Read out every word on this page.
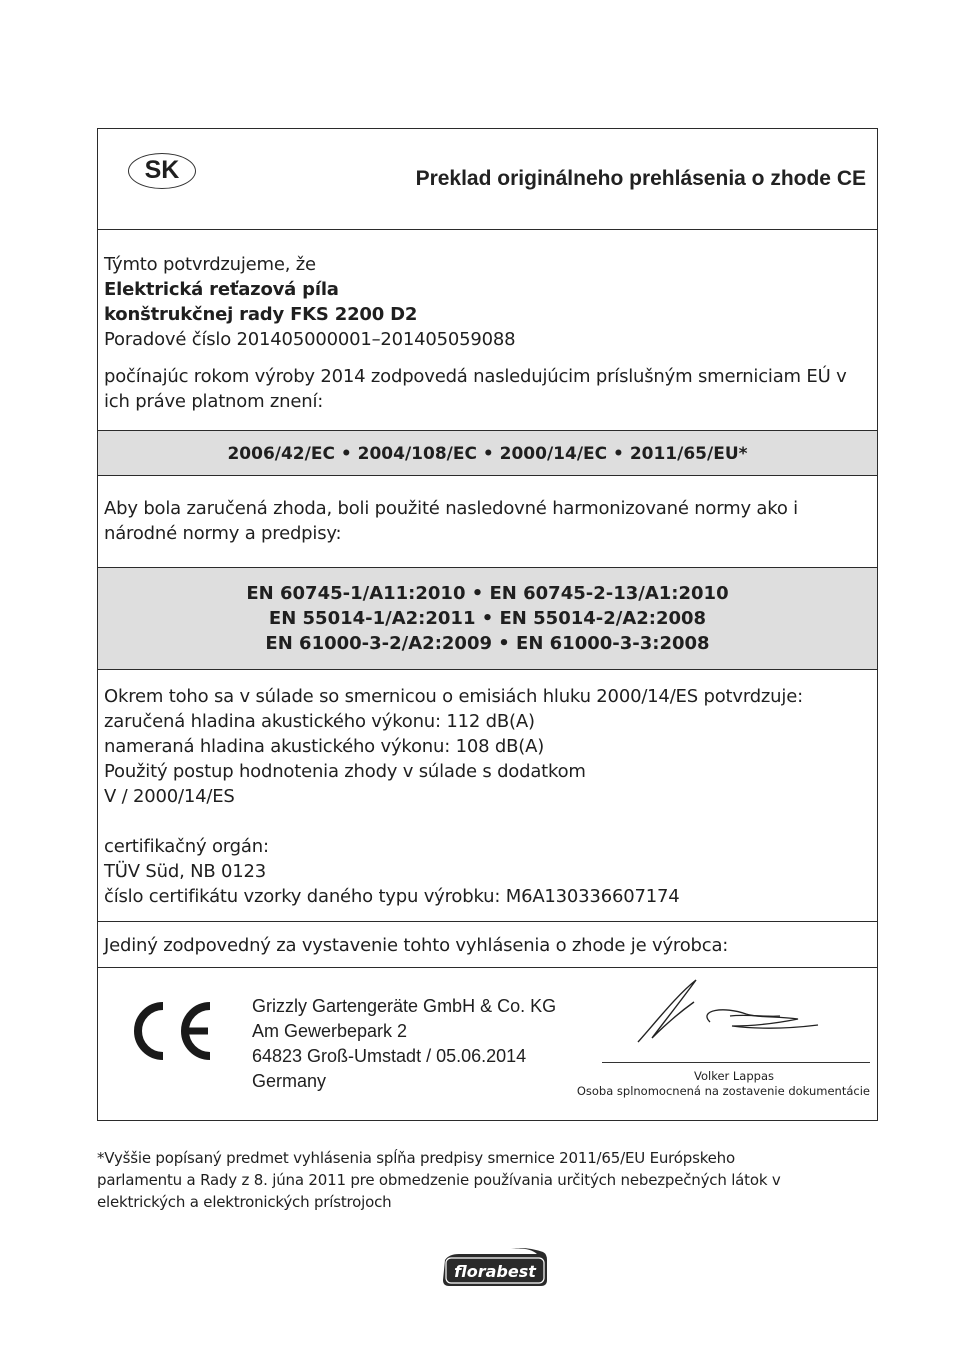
SK	Preklad originálneho prehlásenia o zhode CE
Týmto potvrdzujeme, že
Elektrická reťazová píla
konštrukčnej rady FKS 2200 D2
Poradové číslo 201405000001–201405059088
počínajúc rokom výroby 2014 zodpovedá nasledujúcim príslušným smerniciam EÚ v
ich práve platnom znení:
2006/42/EC • 2004/108/EC • 2000/14/EC • 2011/65/EU*
Aby bola zaručená zhoda, boli použité nasledovné harmonizované normy ako i
národné normy a predpisy:
EN 60745-1/A11:2010 • EN 60745-2-13/A1:2010
EN 55014-1/A2:2011 • EN 55014-2/A2:2008
EN 61000-3-2/A2:2009 • EN 61000-3-3:2008
Okrem toho sa v súlade so smernicou o emisiách hluku 2000/14/ES potvrdzuje:
zaručená hladina akustického výkonu: 112 dB(A)
nameraná hladina akustického výkonu: 108 dB(A)
Použitý postup hodnotenia zhody v súlade s dodatkom
V / 2000/14/ES
certifikačný orgán:
TÜV Süd, NB 0123
číslo certifikátu vzorky daného typu výrobku: M6A130336607174
Jediný zodpovedný za vystavenie tohto vyhlásenia o zhode je výrobca:
Grizzly Gartengeräte GmbH & Co. KG
Am Gewerbepark 2
64823 Groß-Umstadt / 05.06.2014
Germany	Volker Lappas
Osoba splnomocnená na zostavenie dokumentácie
*Vyššie popísaný predmet vyhlásenia spĺňa predpisy smernice 2011/65/EU Európskeho
parlamentu a Rady z 8. júna 2011 pre obmedzenie používania určitých nebezpečných látok v
elektrických a elektronických prístrojoch
florabest
